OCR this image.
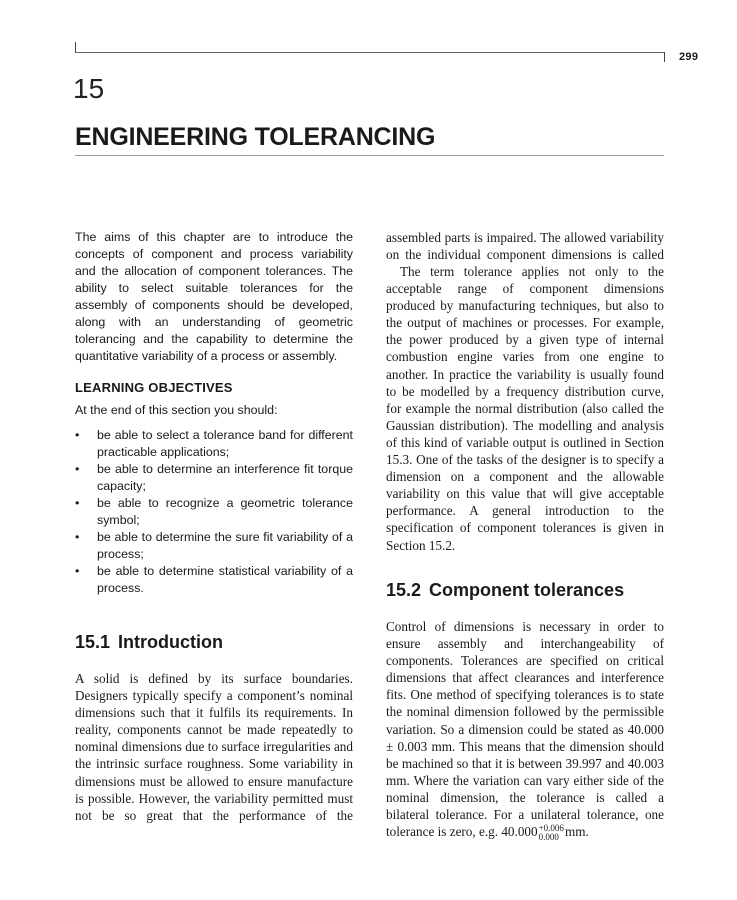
299
15
ENGINEERING TOLERANCING

The aims of this chapter are to introduce the concepts of component and process variability and the allocation of component tolerances. The ability to select suitable tolerances for the assembly of components should be developed, along with an understanding of geometric tolerancing and the capability to determine the quantitative variability of a process or assembly.

LEARNING OBJECTIVES

At the end of this section you should:

• be able to select a tolerance band for different practicable applications;
• be able to determine an interference fit torque capacity;
• be able to recognize a geometric tolerance symbol;
• be able to determine the sure fit variability of a process;
• be able to determine statistical variability of a process.

15.1 Introduction

A solid is defined by its surface boundaries. Designers typically specify a component’s nominal dimensions such that it fulfils its requirements. In reality, components cannot be made repeatedly to nominal dimensions due to surface irregularities and the intrinsic surface roughness. Some variability in dimensions must be allowed to ensure manufacture is possible. However, the variability permitted must not be so great that the performance of the

assembled parts is impaired. The allowed variability on the individual component dimensions is called

The term tolerance applies not only to the acceptable range of component dimensions produced by manufacturing techniques, but also to the output of machines or processes. For example, the power produced by a given type of internal combustion engine varies from one engine to another. In practice the variability is usually found to be modelled by a frequency distribution curve, for example the normal distribution (also called the Gaussian distribution). The modelling and analysis of this kind of variable output is outlined in Section 15.3. One of the tasks of the designer is to specify a dimension on a component and the allowable variability on this value that will give acceptable performance. A general introduction to the specification of component tolerances is given in Section 15.2.

15.2 Component tolerances

Control of dimensions is necessary in order to ensure assembly and interchangeability of components. Tolerances are specified on critical dimensions that affect clearances and interference fits. One method of specifying tolerances is to state the nominal dimension followed by the permissible variation. So a dimension could be stated as 40.000 ± 0.003 mm. This means that the dimension should be machined so that it is between 39.997 and 40.003 mm. Where the variation can vary either side of the nominal dimension, the tolerance is called a bilateral tolerance. For a unilateral tolerance, one tolerance is zero, e.g. 40.000 +0.006
0.000 mm.
